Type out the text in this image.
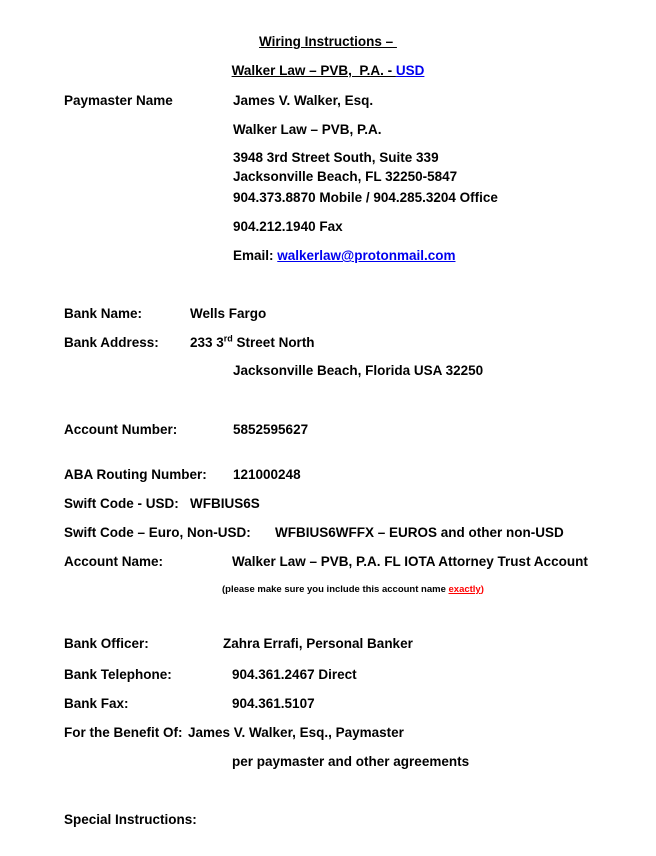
Wiring Instructions –
Walker Law – PVB,  P.A. - USD
Paymaster Name	James V. Walker, Esq.
Walker Law – PVB, P.A.
3948 3rd Street South, Suite 339
Jacksonville Beach, FL 32250-5847
904.373.8870 Mobile / 904.285.3204 Office
904.212.1940 Fax
Email: walkerlaw@protonmail.com
Bank Name:	Wells Fargo
Bank Address: 233 3rd Street North
Jacksonville Beach, Florida USA 32250
Account Number:	5852595627
ABA Routing Number: 121000248
Swift Code - USD: WFBIUS6S
Swift Code – Euro, Non-USD: WFBIUS6WFFX – EUROS and other non-USD
Account Name:	Walker Law – PVB, P.A. FL IOTA Attorney Trust Account
(please make sure you include this account name exactly)
Bank Officer:	Zahra Errafi, Personal Banker
Bank Telephone:	904.361.2467 Direct
Bank Fax:	904.361.5107
For the Benefit Of: James V. Walker, Esq., Paymaster
per paymaster and other agreements
Special Instructions:
